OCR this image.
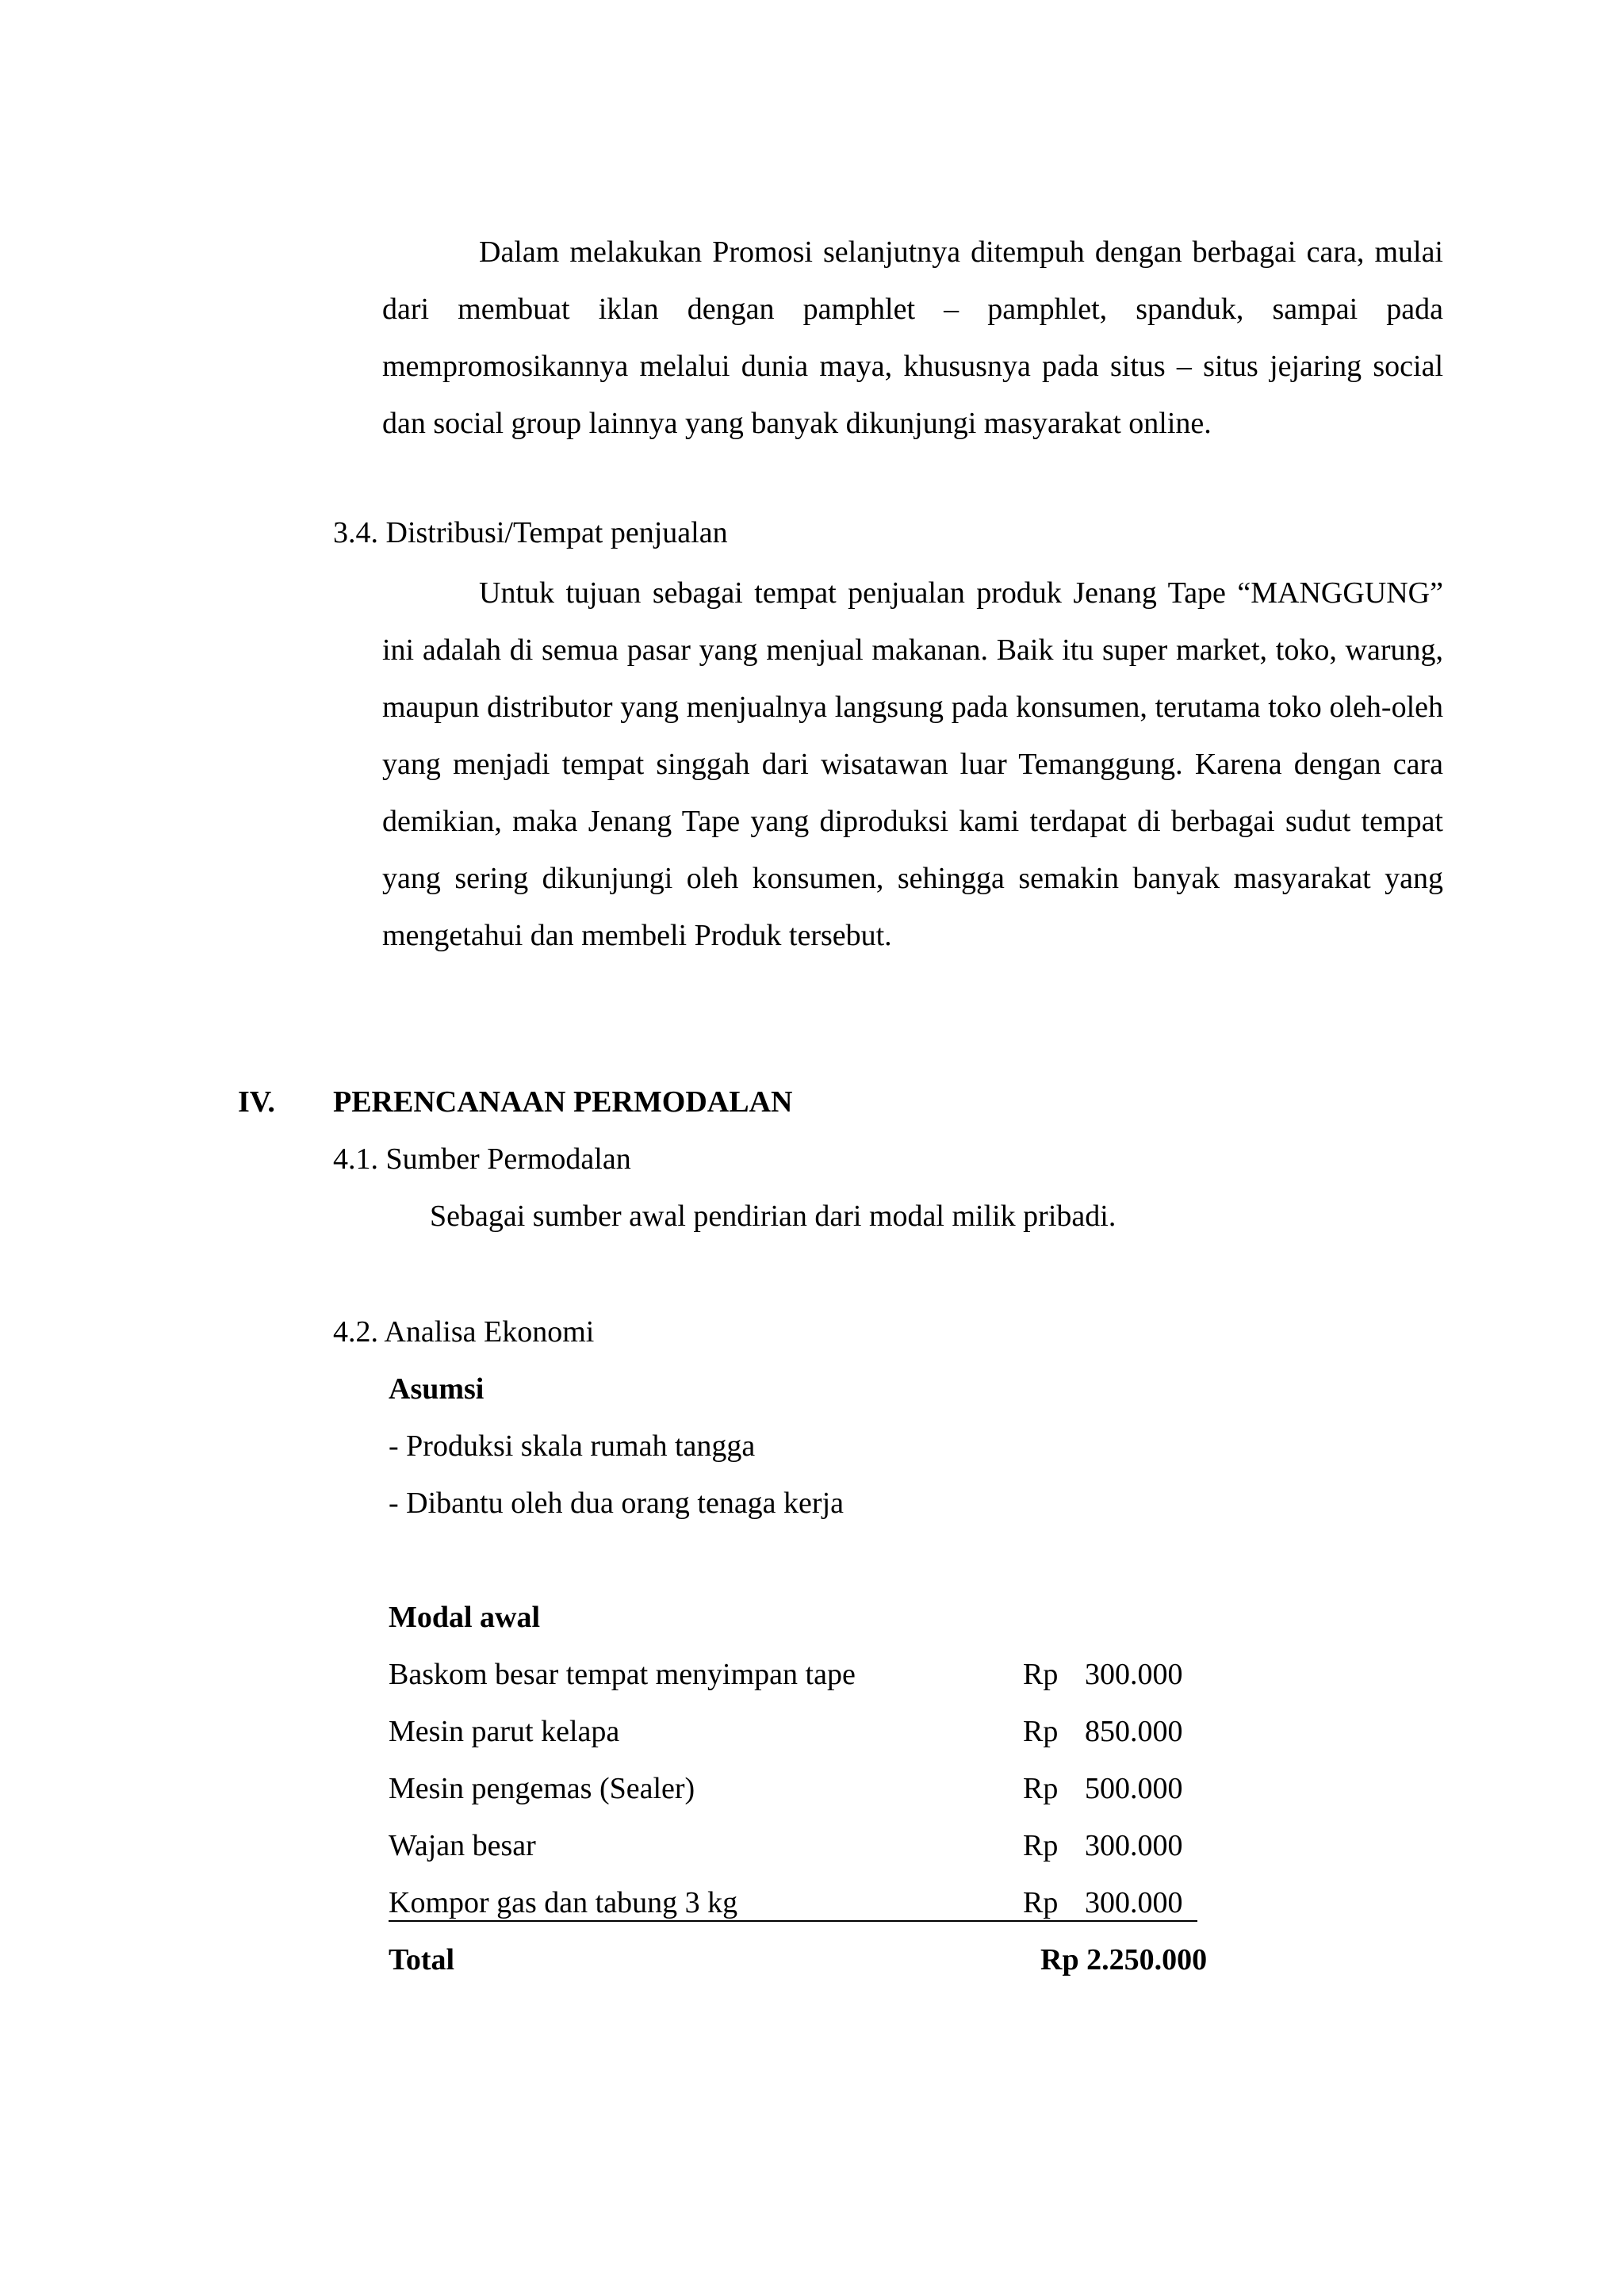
Dalam melakukan Promosi selanjutnya ditempuh dengan berbagai cara, mulai dari membuat iklan dengan pamphlet – pamphlet, spanduk, sampai pada mempromosikannya melalui dunia maya, khususnya pada situs – situs jejaring social dan social group lainnya yang banyak dikunjungi masyarakat online.

3.4. Distribusi/Tempat penjualan

Untuk tujuan sebagai tempat penjualan produk Jenang Tape “MANGGUNG” ini adalah di semua pasar yang menjual makanan. Baik itu super market, toko, warung, maupun distributor yang menjualnya langsung pada konsumen, terutama toko oleh-oleh yang menjadi tempat singgah dari wisatawan luar Temanggung. Karena dengan cara demikian, maka Jenang Tape yang diproduksi kami terdapat di berbagai sudut tempat yang sering dikunjungi oleh konsumen, sehingga semakin banyak masyarakat yang mengetahui dan membeli Produk tersebut.

IV. PERENCANAAN PERMODALAN
4.1. Sumber Permodalan
Sebagai sumber awal pendirian dari modal milik pribadi.
4.2. Analisa Ekonomi
Asumsi
- Produksi skala rumah tangga
- Dibantu oleh dua orang tenaga kerja
Modal awal
Baskom besar tempat menyimpan tape	Rp 300.000
Mesin parut kelapa	Rp 850.000
Mesin pengemas (Sealer)	Rp 500.000
Wajan besar	Rp 300.000
Kompor gas dan tabung 3 kg	Rp 300.000
Total	Rp 2.250.000
